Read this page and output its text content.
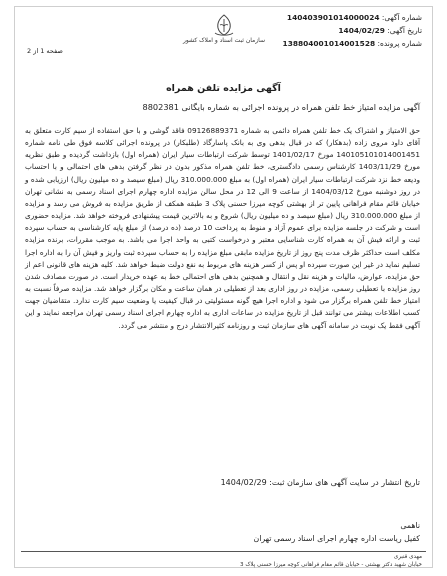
شماره آگهی: 140403901014000024
تاریخ آگهی: 1404/02/29
شماره پرونده: 138804001014001528
سازمان ثبت اسناد و املاک کشور
صفحه 1 از 2
آگهی مزایده تلفن همراه
آگهی مزایده امتیاز خط تلفن همراه در پرونده اجرائی به شماره بایگانی 8802381
حق الامتیاز و اشتراک یک خط تلفن همراه دائمی به شماره 09126889371 فاقد گوشی و با حق استفاده از سیم کارت متعلق به آقای داود مروی زاده (بدهکار) که در قبال بدهی وی به بانک پاسارگاد (طلبکار) در پرونده اجرائی کلاسه فوق طی نامه شماره 140105101014001451 مورخ 1401/02/17 توسط شرکت ارتباطات سیار ایران (همراه اول) بازداشت گردیده و طبق نظریه مورخ 1403/11/29 کارشناس رسمی دادگستری، خط تلفن همراه مذکور بدون در نظر گرفتن بدهی های احتمالی و با احتساب ودیعه خط نزد شرکت ارتباطات سیار ایران (همراه اول) به مبلغ 310.000.000 ریال (مبلغ سیصد و ده میلیون ریال) ارزیابی شده و در روز دوشنبه مورخ 1404/03/12 از ساعت 9 الی 12 در محل سالن مزایده اداره چهارم اجرای اسناد رسمی به نشانی تهران خیابان قائم مقام فراهانی پایین تر از بهشتی کوچه میرزا حسنی پلاک 3 طبقه همکف از طریق مزایده به فروش می رسد و مزایده از مبلغ 310.000.000 ریال (مبلغ سیصد و ده میلیون ریال) شروع و به بالاترین قیمت پیشنهادی فروخته خواهد شد. مزایده حضوری است و شرکت در جلسه مزایده برای عموم آزاد و منوط به پرداخت 10 درصد (ده درصد) از مبلغ پایه کارشناسی به حساب سپرده ثبت و ارائه فیش آن به همراه کارت شناسایی معتبر و درخواست کتبی به واحد اجرا می باشد. به موجب مقررات، برنده مزایده مکلف است حداکثر ظرف مدت پنج روز از تاریخ مزایده مابقی مبلغ مزایده را به حساب سپرده ثبت واریز و فیش آن را به اداره اجرا تسلیم نماید در غیر این صورت سپرده او پس از کسر هزینه های مربوط به نفع دولت ضبط خواهد شد. کلیه هزینه های قانونی اعم از حق مزایده، عوارض، مالیات و هزینه نقل و انتقال و همچنین بدهی های احتمالی خط به عهده خریدار است. در صورت مصادف شدن روز مزایده با تعطیلی رسمی، مزایده در روز اداری بعد از تعطیلی در همان ساعت و مکان برگزار خواهد شد. مزایده صرفاً نسبت به امتیاز خط تلفن همراه برگزار می شود و اداره اجرا هیچ گونه مسئولیتی در قبال کیفیت یا وضعیت سیم کارت ندارد. متقاضیان جهت کسب اطلاعات بیشتر می توانند قبل از تاریخ مزایده در ساعات اداری به اداره چهارم اجرای اسناد رسمی تهران مراجعه نمایند و این آگهی فقط یک نوبت در سامانه آگهی های سازمان ثبت و روزنامه کثیرالانتشار درج و منتشر می گردد.
تاریخ انتشار در سایت آگهی های سازمان ثبت: 1404/02/29
ناهمی
کفیل ریاست اداره چهارم اجرای اسناد رسمی تهران
مهدی قنبری
خیابان شهید دکتر بهشتی - خیابان قائم مقام فراهانی کوچه میرزا حسنی پلاک 3
